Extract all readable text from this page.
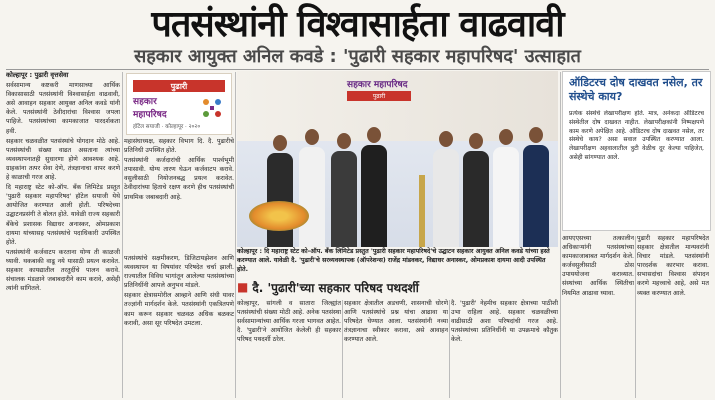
पतसंस्थांनी विश्वासार्हता वाढवावी
सहकार आयुक्त अनिल कवडे : 'पुढारी सहकार महापरिषद' उत्साहात

कोल्हापूर : पुढारी वृत्तसेवा

सर्वसामान्य कष्टकरी माणसाच्या आर्थिक विकासासाठी पतसंस्थांनी विश्वासार्हता वाढवावी, असे आवाहन सहकार आयुक्त अनिल कवडे यांनी केले. पतसंस्थांनी ठेवीदारांचा विश्वास जपला पाहिजे. पतसंस्थांच्या कामकाजात पारदर्शकता हवी.

सहकार चळवळीत पतसंस्थांचे योगदान मोठे आहे. पतसंस्थांची संख्या वाढत असताना त्यांच्या व्यवस्थापनातही सुधारणा होणे आवश्यक आहे. ग्राहकांना तत्पर सेवा देणे, तंत्रज्ञानाचा वापर करणे हे काळाची गरज आहे.

दि महाराष्ट्र स्टेट को-ऑप. बँक लिमिटेड प्रस्तुत 'पुढारी सहकार महापरिषद' हॉटेल सयाजी येथे आयोजित करण्यात आली होती. परिषदेच्या उद्घाटनप्रसंगी ते बोलत होते. यावेळी राज्य सहकारी बँकेचे प्रशासक विद्याधर अनास्कर, ओमप्रकाश दायमा यांच्यासह पतसंस्थांचे पदाधिकारी उपस्थित होते.

पतसंस्थांनी कर्जवाटप करताना योग्य ती काळजी घ्यावी. थकबाकी वाढू नये यासाठी प्रयत्न करावेत. सहकार कायद्यातील तरतुदींचे पालन करावे. संचालक मंडळाने जबाबदारीने काम करावे, असेही त्यांनी सांगितले.

पुढारी
सहकार महापरिषद
हॉटेल सयाजी · कोल्हापूर · २०२०

महासंघाध्यक्ष, सहकार विभाग दि. दै. पुढारीचे प्रतिनिधी उपस्थित होते.

पतसंस्थांनी कर्जदारांची आर्थिक पार्श्वभूमी तपासावी. योग्य तारण घेऊन कर्जवाटप करावे. वसुलीसाठी नियोजनबद्ध प्रयत्न करावेत. ठेवीदारांच्या हिताचे रक्षण करणे हीच पतसंस्थांची प्राथमिक जबाबदारी आहे.

सहकार महापरिषद
पुढारी
कोल्हापूर : दि महाराष्ट्र स्टेट को-ऑप. बँक लिमिटेड प्रस्तुत 'पुढारी सहकार महापरिषदे'चे उद्घाटन सहकार आयुक्त अनिल कवडे यांच्या हस्ते करण्यात आले. यावेळी दै. 'पुढारी'चे सरव्यवस्थापक (ऑपरेशन्स) राजेंद्र मांडवकर, विद्याधर अनास्कर, ओमप्रकाश दायमा आदी उपस्थित होते.
■ दै. 'पुढारी'च्या सहकार परिषद पथदर्शी

पतसंस्थांचे सक्षमीकरण, डिजिटायझेशन आणि व्यवस्थापन या विषयांवर परिषदेत चर्चा झाली. राज्यातील विविध भागांतून आलेल्या पतसंस्थांच्या प्रतिनिधींनी आपले अनुभव मांडले.

सहकार क्षेत्रासमोरील आव्हाने आणि संधी यावर तज्ज्ञांनी मार्गदर्शन केले. पतसंस्थांनी एकत्रितपणे काम करून सहकार चळवळ अधिक बळकट करावी, असा सूर परिषदेत उमटला.

कोल्हापूर, सांगली व सातारा जिल्ह्यांत पतसंस्थांची संख्या मोठी आहे. अनेक पतसंस्था सर्वसामान्यांच्या आर्थिक गरजा भागवत आहेत. दै. 'पुढारी'ने आयोजित केलेली ही सहकार परिषद पथदर्शी ठरेल.

सहकार क्षेत्रातील अडचणी, शासनाची धोरणे आणि पतसंस्थांचे प्रश्न यांचा आढावा या परिषदेत घेण्यात आला. पतसंस्थांनी नव्या तंत्रज्ञानाचा स्वीकार करावा, असे आवाहन करण्यात आले.

दै. 'पुढारी' नेहमीच सहकार क्षेत्राच्या पाठीशी उभा राहिला आहे. सहकार चळवळीच्या वाढीसाठी अशा परिषदांची गरज आहे. पतसंस्थांच्या प्रतिनिधींनी या उपक्रमाचे कौतुक केले.

ऑडिटरच दोष दाखवत नसेल, तर संस्थेचे काय?
प्रत्येक संस्थेचे लेखापरीक्षण होते. मात्र, अनेकदा ऑडिटरच संस्थेतील दोष दाखवत नाहीत. लेखापरीक्षकांनी निष्पक्षपणे काम करणे अपेक्षित आहे. ऑडिटरच दोष दाखवत नसेल, तर संस्थेचे काय? असा सवाल उपस्थित करण्यात आला. लेखापरीक्षण अहवालातील त्रुटी वेळीच दूर केल्या पाहिजेत, असेही सांगण्यात आले.

आयएएसच्या तत्कालीन अधिकाऱ्यांनी पतसंस्थांच्या कामकाजाबाबत मार्गदर्शन केले. कर्जवसुलीसाठी ठोस उपाययोजना कराव्यात. संस्थांच्या आर्थिक स्थितीचा नियमित आढावा घ्यावा.

पुढारी सहकार महापरिषदेत सहकार क्षेत्रातील मान्यवरांनी विचार मांडले. पतसंस्थांनी पारदर्शक कारभार करावा. सभासदांचा विश्वास संपादन करणे महत्त्वाचे आहे, असे मत व्यक्त करण्यात आले.
